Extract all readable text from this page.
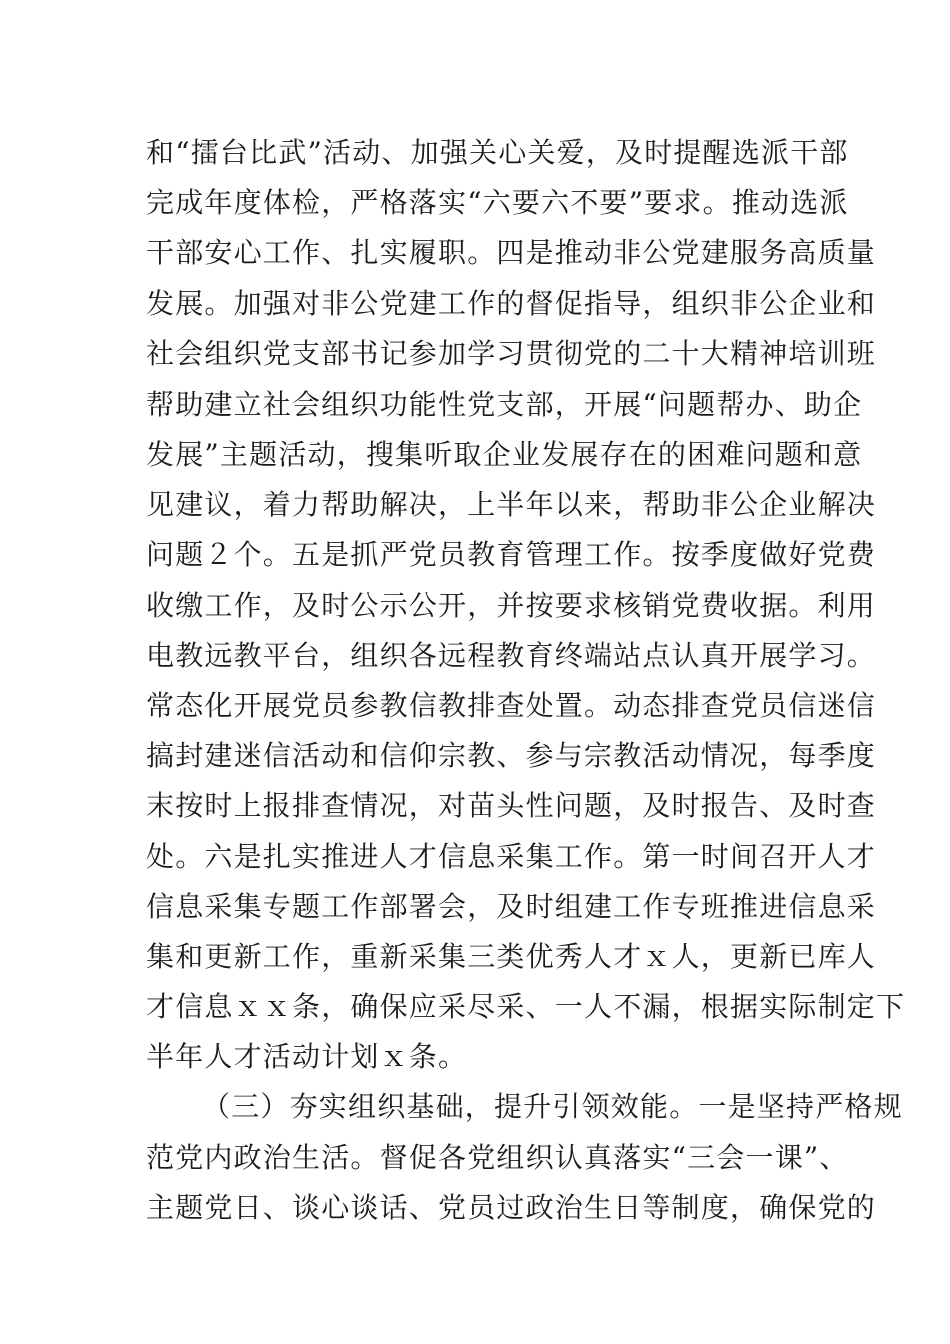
和“擂台比武”活动、加强关心关爱，及时提醒选派干部
完成年度体检，严格落实“六要六不要”要求。推动选派
干部安心工作、扎实履职。四是推动非公党建服务高质量
发展。加强对非公党建工作的督促指导，组织非公企业和
社会组织党支部书记参加学习贯彻党的二十大精神培训班
帮助建立社会组织功能性党支部，开展“问题帮办、助企
发展”主题活动，搜集听取企业发展存在的困难问题和意
见建议，着力帮助解决，上半年以来，帮助非公企业解决
问题２个。五是抓严党员教育管理工作。按季度做好党费
收缴工作，及时公示公开，并按要求核销党费收据。利用
电教远教平台，组织各远程教育终端站点认真开展学习。
常态化开展党员参教信教排查处置。动态排查党员信迷信
搞封建迷信活动和信仰宗教、参与宗教活动情况，每季度
末按时上报排查情况，对苗头性问题，及时报告、及时查
处。六是扎实推进人才信息采集工作。第一时间召开人才
信息采集专题工作部署会，及时组建工作专班推进信息采
集和更新工作，重新采集三类优秀人才ｘ人，更新已库人
才信息ｘｘ条，确保应采尽采、一人不漏，根据实际制定下
半年人才活动计划ｘ条。
（三）夯实组织基础，提升引领效能。一是坚持严格规
范党内政治生活。督促各党组织认真落实“三会一课”、
主题党日、谈心谈话、党员过政治生日等制度，确保党的
